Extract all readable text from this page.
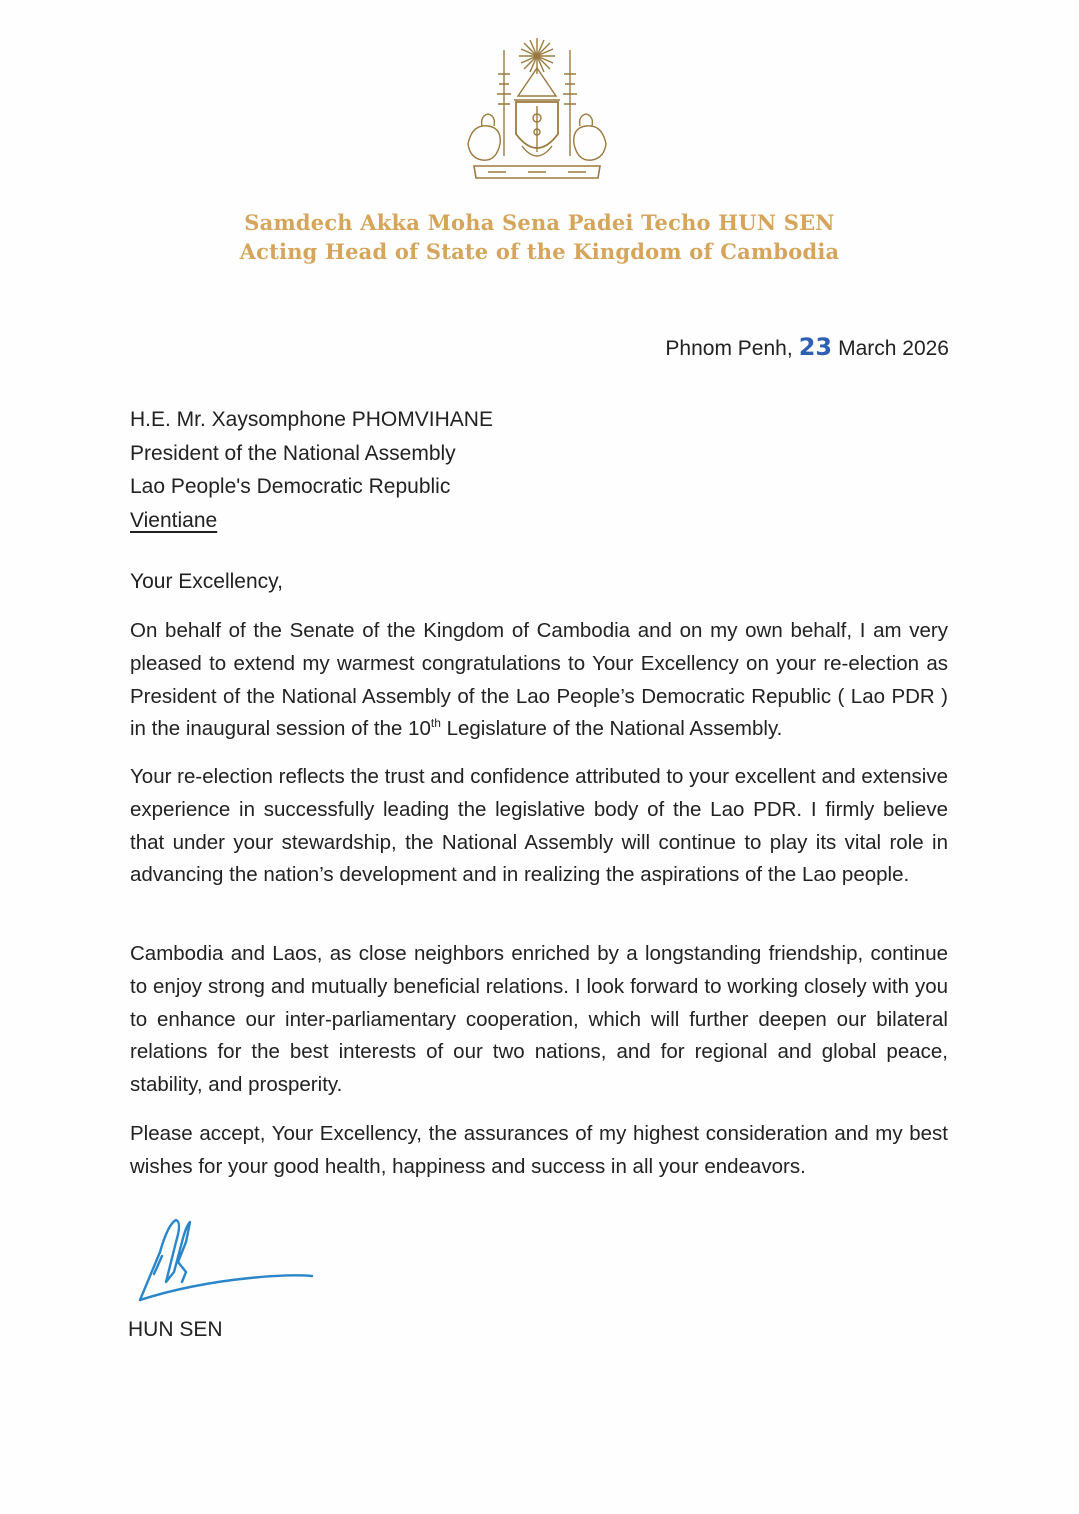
Samdech Akka Moha Sena Padei Techo HUN SEN
Acting Head of State of the Kingdom of Cambodia
Phnom Penh, 23 March 2026
H.E. Mr. Xaysomphone PHOMVIHANE
President of the National Assembly
Lao People's Democratic Republic
Vientiane
Your Excellency,
On behalf of the Senate of the Kingdom of Cambodia and on my own behalf, I am very pleased to extend my warmest congratulations to Your Excellency on your re-election as President of the National Assembly of the Lao People’s Democratic Republic ( Lao PDR ) in the inaugural session of the 10th Legislature of the National Assembly.
Your re-election reflects the trust and confidence attributed to your excellent and extensive experience in successfully leading the legislative body of the Lao PDR. I firmly believe that under your stewardship, the National Assembly will continue to play its vital role in advancing the nation’s development and in realizing the aspirations of the Lao people.
Cambodia and Laos, as close neighbors enriched by a longstanding friendship, continue to enjoy strong and mutually beneficial relations. I look forward to working closely with you to enhance our inter-parliamentary cooperation, which will further deepen our bilateral relations for the best interests of our two nations, and for regional and global peace, stability, and prosperity.
Please accept, Your Excellency, the assurances of my highest consideration and my best wishes for your good health, happiness and success in all your endeavors.
HUN SEN
